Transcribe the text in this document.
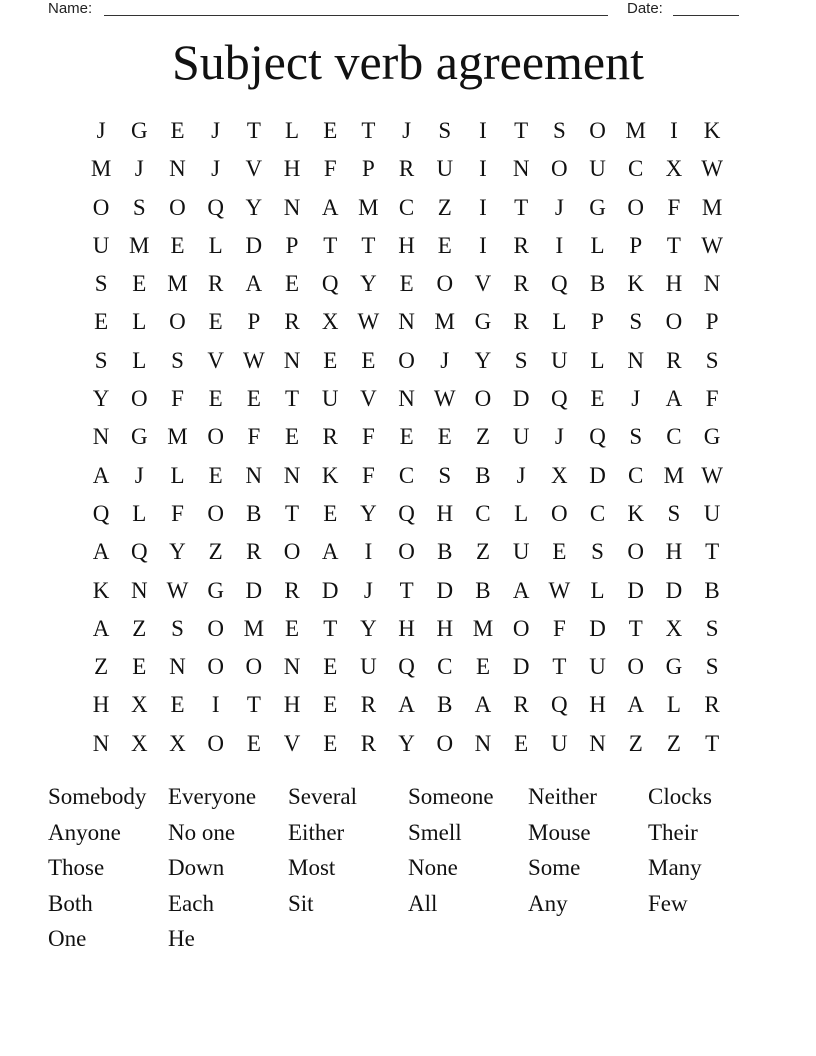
Name:	Date:
Subject verb agreement
J	G E	J	T	L	E	T	J	S	I	T	S	O M	I	K
M	J	N	J	V H	F	P	R U	I	N O U C X W
O	S	O Q Y N A M C	Z	I	T	J	G O	F M
U M E	L D	P	T	T H E	I	R	I	L	P	T W
S	E M R A E Q Y E O V R Q B K H N
E	L O E	P	R X W N M G R	L	P	S	O	P
S	L	S	V W N E	E O	J	Y	S	U L N R	S
Y O	F	E	E	T U V N W O D Q E	J	A	F
N G M O	F	E	R	F	E	E	Z U	J	Q	S	C G
A	J	L	E N N K	F	C	S	B	J	X D C M W
Q L	F	O B	T	E Y Q H C	L O C K	S	U
A Q Y Z	R O A	I	O B	Z U E	S	O H T
K N W G D R D	J	T D B A W L D D B
A Z	S	O M E	T Y H H M O	F	D T X	S
Z	E N O O N E U Q C	E D T U O G	S
H X E	I	T H E	R A B A R Q H A L	R
N X X O E V E	R Y O N E U N Z	Z	T
Somebody Everyone	Several	Someone	Neither	Clocks
Anyone	No one	Either	Smell	Mouse	Their
Those	Down	Most	None	Some	Many
Both	Each	Sit	All	Any	Few
One	He
